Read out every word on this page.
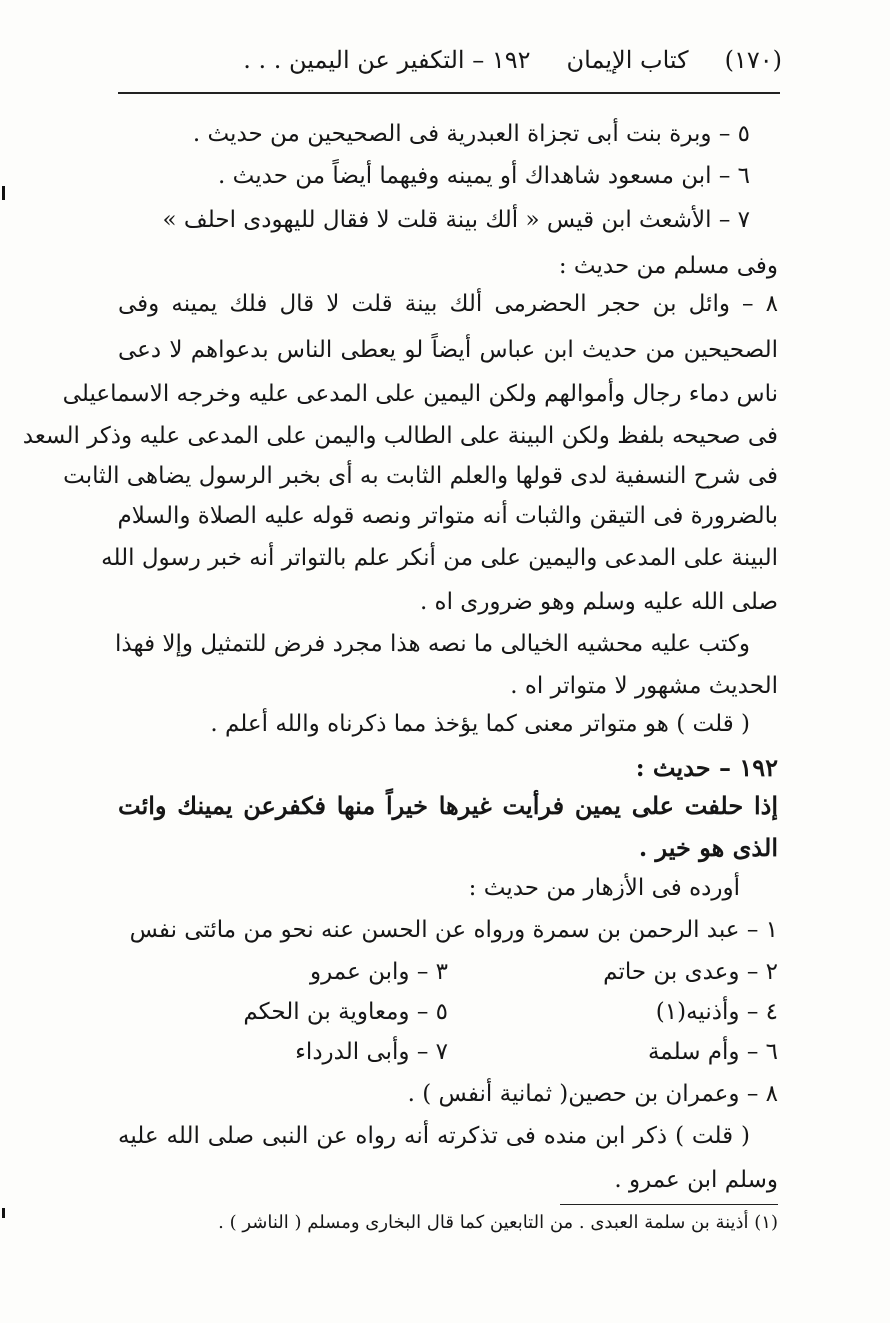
(١٧٠)
كتاب الإيمان
١٩٢ – التكفير عن اليمين . . .
٥ – وبرة بنت أبى تجزاة العبدرية فى الصحيحين من حديث .
٦ – ابن مسعود شاهداك أو يمينه وفيهما أيضاً من حديث .
٧ – الأشعث ابن قيس « ألك بينة قلت لا فقال لليهودى احلف »
وفى مسلم من حديث :
٨ – وائل بن حجر الحضرمى ألك بينة قلت لا قال فلك يمينه وفى
الصحيحين من حديث ابن عباس أيضاً لو يعطى الناس بدعواهم لا دعى
ناس دماء رجال وأموالهم ولكن اليمين على المدعى عليه وخرجه الاسماعيلى
فى صحيحه بلفظ ولكن البينة على الطالب واليمن على المدعى عليه وذكر السعد
فى شرح النسفية لدى قولها والعلم الثابت به أى بخبر الرسول يضاهى الثابت
بالضرورة فى التيقن والثبات أنه متواتر ونصه قوله عليه الصلاة والسلام
البينة على المدعى واليمين على من أنكر علم بالتواتر أنه خبر رسول الله
صلى الله عليه وسلم وهو ضرورى اه .
وكتب عليه محشيه الخيالى ما نصه هذا مجرد فرض للتمثيل وإلا فهذا
الحديث مشهور لا متواتر اه .
( قلت ) هو متواتر معنى كما يؤخذ مما ذكرناه والله أعلم .
١٩٢ – حديث :
إذا حلفت على يمين فرأيت غيرها خيراً منها فكفرعن يمينك وائت
الذى هو خير .
أورده فى الأزهار من حديث :
١ – عبد الرحمن بن سمرة ورواه عن الحسن عنه نحو من مائتى نفس
٢ – وعدى بن حاتم
٣ – وابن عمرو
٤ – وأذنيه(١)
٥ – ومعاوية بن الحكم
٦ – وأم سلمة
٧ – وأبى الدرداء
٨ – وعمران بن حصين( ثمانية أنفس ) .
( قلت ) ذكر ابن منده فى تذكرته أنه رواه عن النبى صلى الله عليه
وسلم ابن عمرو .
(١) أذينة بن سلمة العبدى . من التابعين كما قال البخارى ومسلم ( الناشر ) .
